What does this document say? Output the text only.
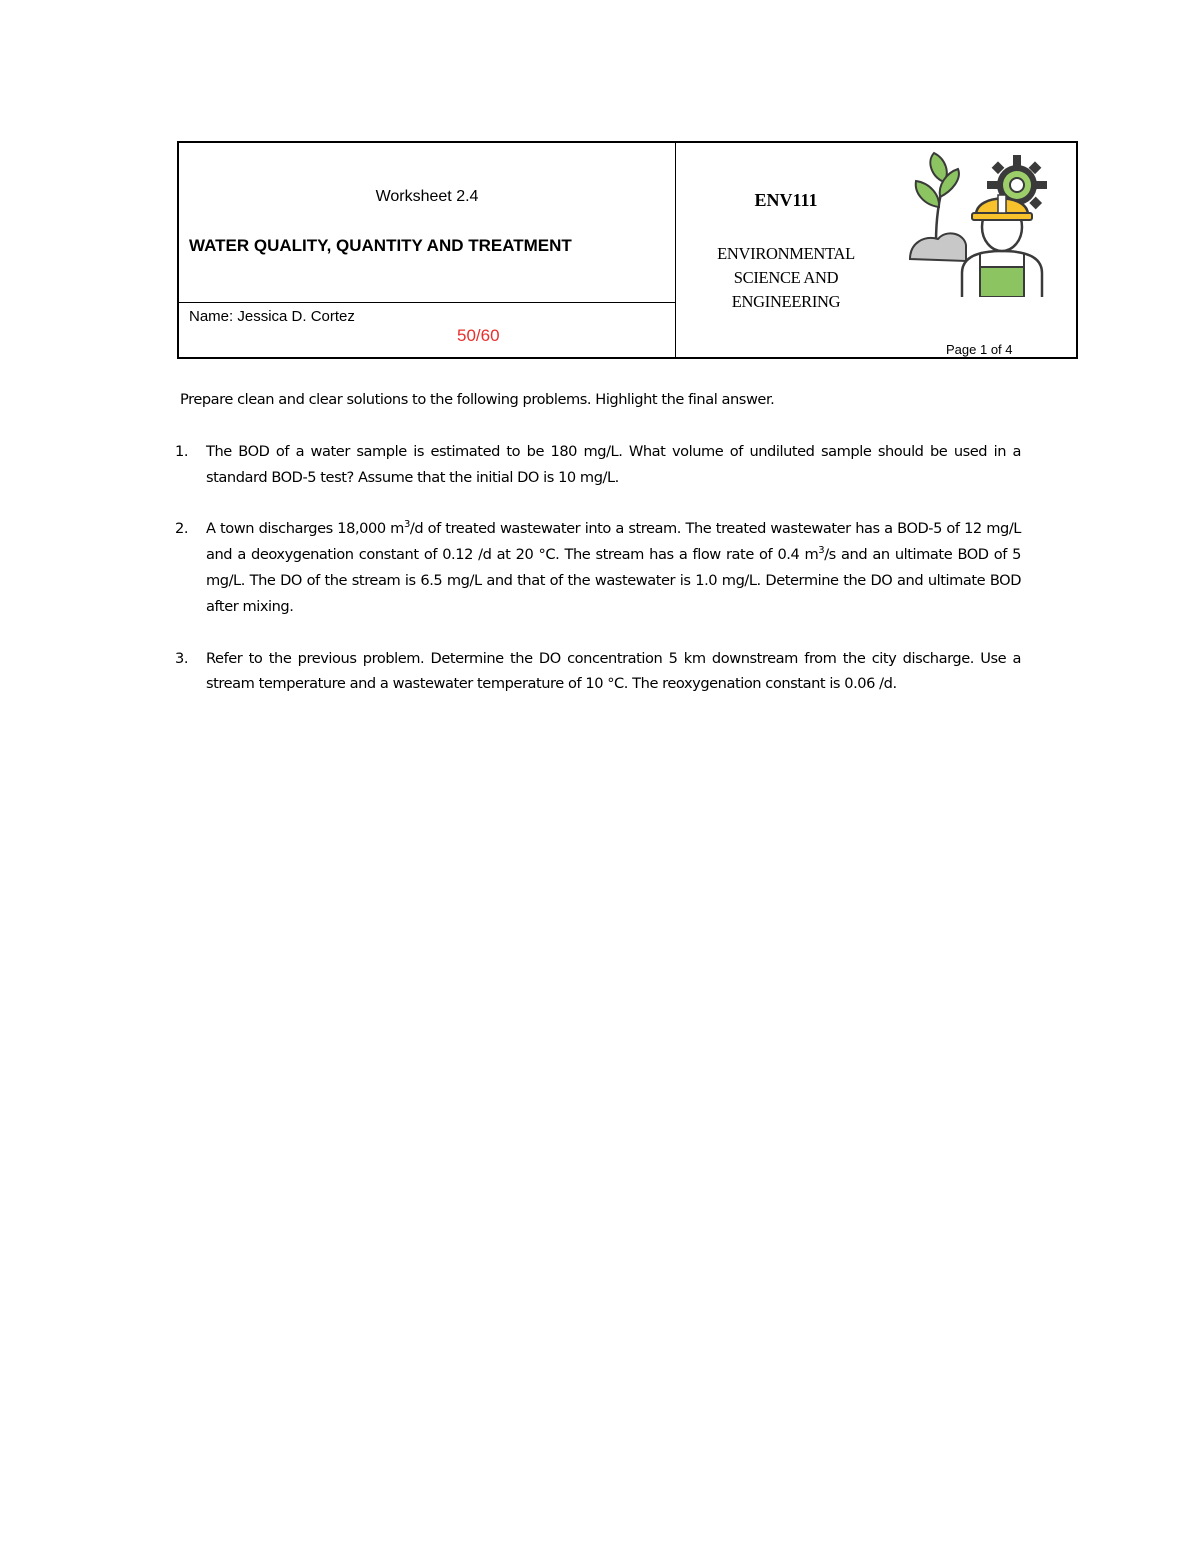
Worksheet 2.4
WATER QUALITY, QUANTITY AND TREATMENT
Name: Jessica D. Cortez
50/60
ENV111
ENVIRONMENTAL
SCIENCE AND
ENGINEERING
Page 1 of 4
Prepare clean and clear solutions to the following problems. Highlight the final answer.
1. The BOD of a water sample is estimated to be 180 mg/L. What volume of undiluted sample should be used in a standard BOD-5 test? Assume that the initial DO is 10 mg/L.
2. A town discharges 18,000 $m^3/d$ of treated wastewater into a stream. The treated wastewater has a BOD-5 of 12 mg/L and a deoxygenation constant of 0.12 /d at 20 °C. The stream has a flow rate of 0.4 $m^3/s$ and an ultimate BOD of 5 mg/L. The DO of the stream is 6.5 mg/L and that of the wastewater is 1.0 mg/L. Determine the DO and ultimate BOD after mixing.
3. Refer to the previous problem. Determine the DO concentration 5 km downstream from the city discharge. Use a stream temperature and a wastewater temperature of 10 °C. The reoxygenation constant is 0.06 /d.
